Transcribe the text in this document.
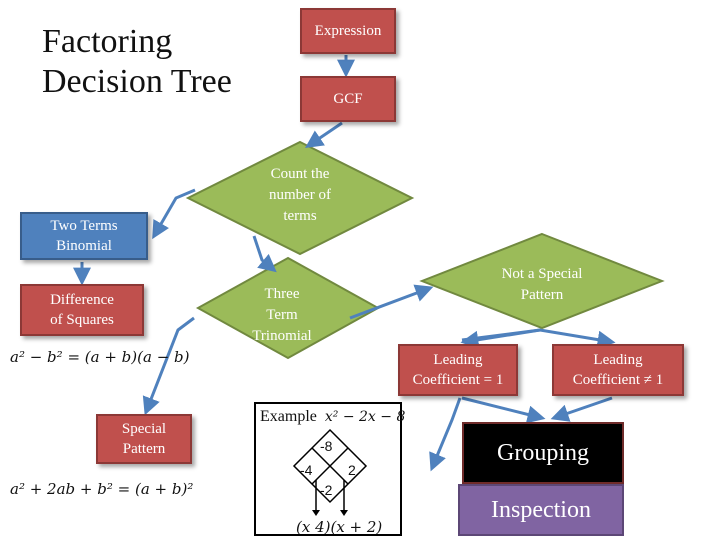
Factoring
Decision Tree
Expression
GCF
Count the
number of
terms
Two Terms
Binomial
Difference
of Squares
Three
Term
Trinomial
Not a Special
Pattern
a² − b² = (a + b)(a − b)	Leading
Coefficient = 1
Leading
Coefficient ≠ 1
Special
Pattern
a² + 2ab + b² = (a + b)²
Example x² − 2x − 8
-8
-4	2
-2
(x 4)(x + 2)
Grouping
Inspection
